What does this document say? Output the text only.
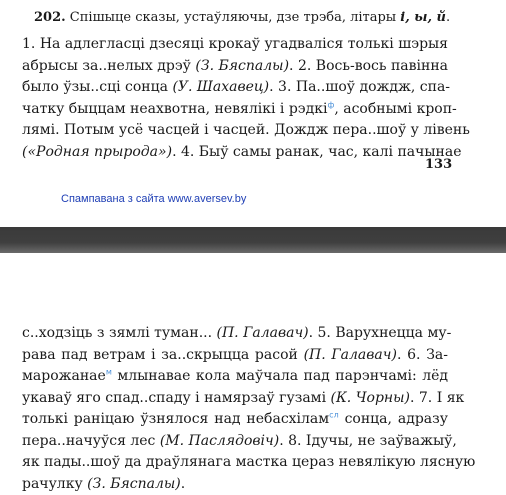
202. Спішыце сказы, устаўляючы, дзе трэба, літары і, ы, й.
1. На адлегласці дзесяці крокаў угадваліся толькі шэрыя
абрысы за..нелых дрэў (З. Бяспалы). 2. Вось-вось павінна
было ўзы..сці сонца (У. Шахавец). 3. Па..шоў дождж, спа-
чатку быццам неахвотна, невялікі і рэдкі$^ф$, асобнымі кроп-
лямі. Потым усё часцей і часцей. Дождж пера..шоў у лівень
(«Родная прырода»). 4. Быў самы ранак, час, калі пачынае
133
Спампавана з сайта www.aversev.by
с..ходзіць з зямлі туман... (П. Галавач). 5. Варухнецца му-
рава пад ветрам і за..скрыцца расой (П. Галавач). 6. За-
марожанае$^м$ млынавае кола маўчала пад парэнчамі: лёд
укаваў яго спад..спаду і намярзаў гузамі (К. Чорны). 7. І як
толькі раніцаю ўзнялося над небасхілам$^{сл}$ сонца, адразу
пера..начуўся лес (М. Паслядовіч). 8. Ідучы, не заўважыў,
як пады..шоў да драўлянага мастка цераз невялікую лясную
рачулку (З. Бяспалы).
